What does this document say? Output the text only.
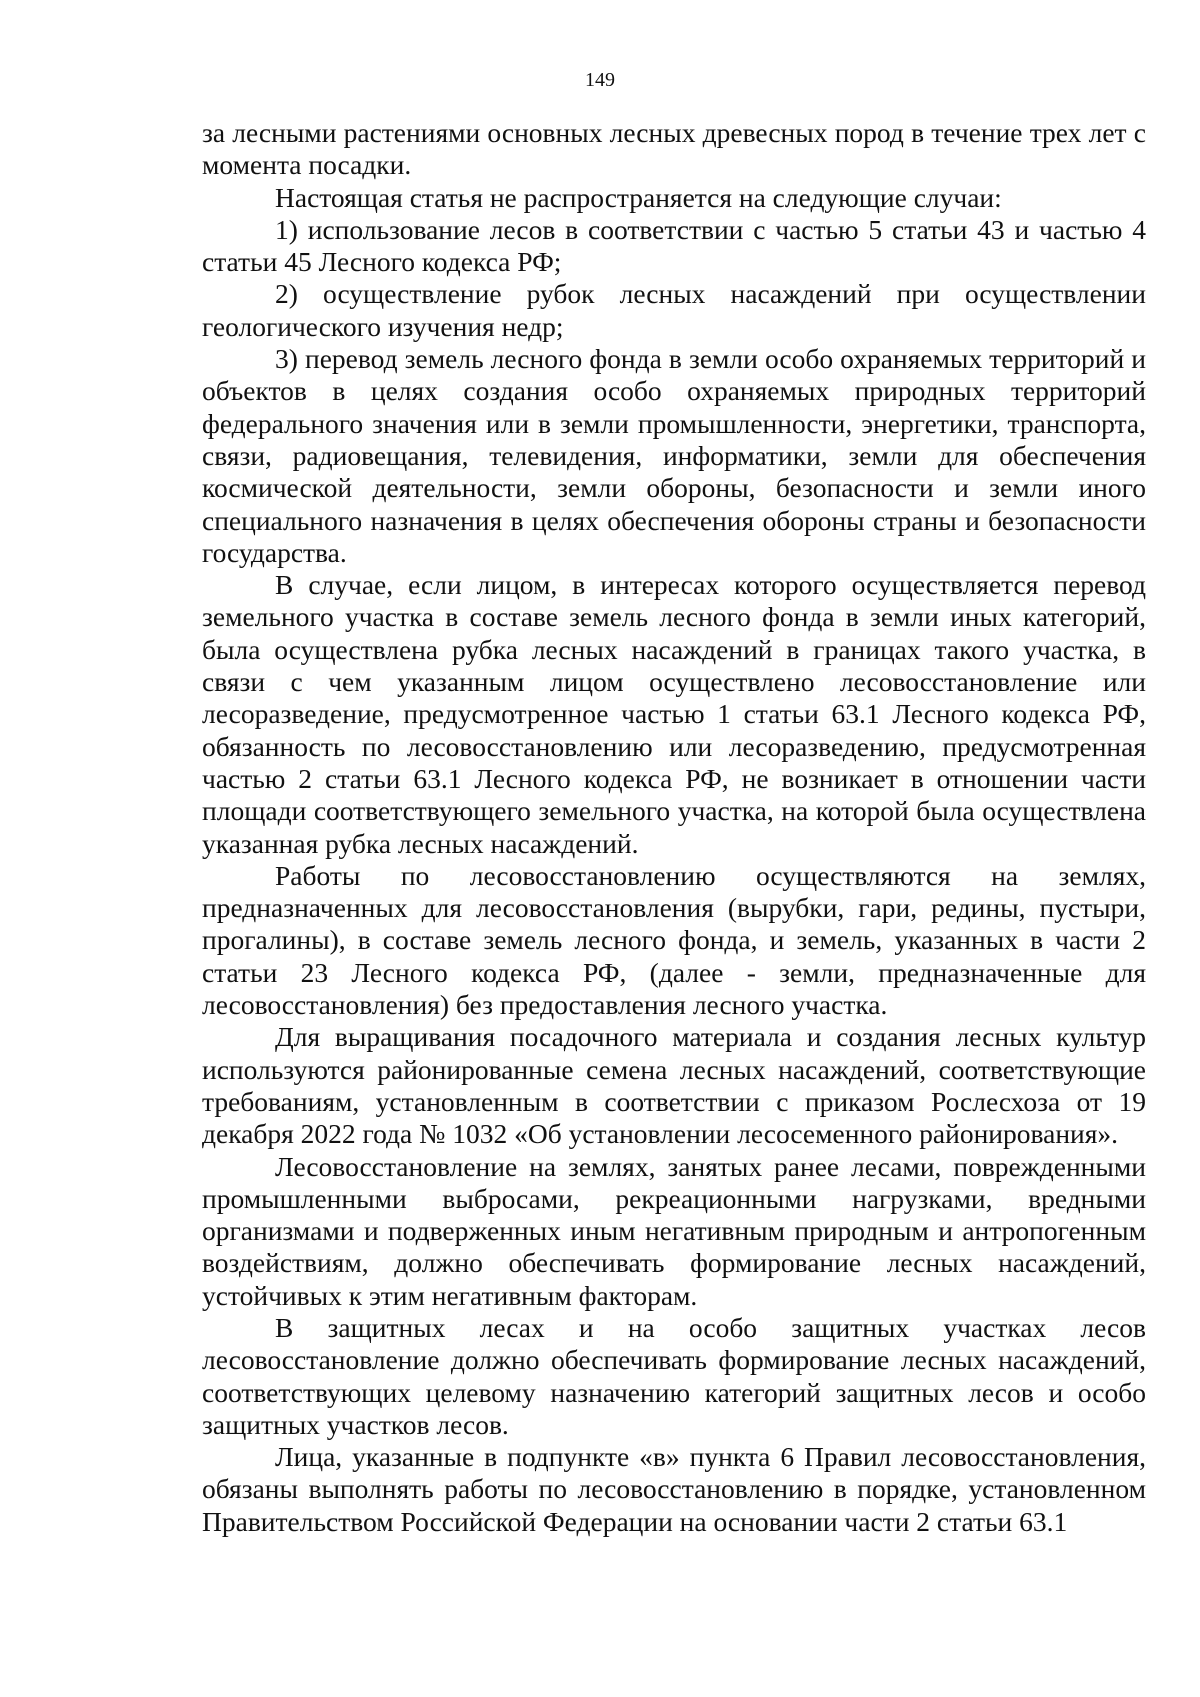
149

за лесными растениями основных лесных древесных пород в течение трех лет с момента посадки.

Настоящая статья не распространяется на следующие случаи:

1) использование лесов в соответствии с частью 5 статьи 43 и частью 4 статьи 45 Лесного кодекса РФ;

2) осуществление рубок лесных насаждений при осуществлении геологического изучения недр;

3) перевод земель лесного фонда в земли особо охраняемых территорий и объектов в целях создания особо охраняемых природных территорий федерального значения или в земли промышленности, энергетики, транспорта, связи, радиовещания, телевидения, информатики, земли для обеспечения космической деятельности, земли обороны, безопасности и земли иного специального назначения в целях обеспечения обороны страны и безопасности государства.

В случае, если лицом, в интересах которого осуществляется перевод земельного участка в составе земель лесного фонда в земли иных категорий, была осуществлена рубка лесных насаждений в границах такого участка, в связи с чем указанным лицом осуществлено лесовосстановление или лесоразведение, предусмотренное частью 1 статьи 63.1 Лесного кодекса РФ, обязанность по лесовосстановлению или лесоразведению, предусмотренная частью 2 статьи 63.1 Лесного кодекса РФ, не возникает в отношении части площади соответствующего земельного участка, на которой была осуществлена указанная рубка лесных насаждений.

Работы по лесовосстановлению осуществляются на землях, предназначенных для лесовосстановления (вырубки, гари, редины, пустыри, прогалины), в составе земель лесного фонда, и земель, указанных в части 2 статьи 23 Лесного кодекса РФ, (далее - земли, предназначенные для лесовосстановления) без предоставления лесного участка.

Для выращивания посадочного материала и создания лесных культур используются районированные семена лесных насаждений, соответствующие требованиям, установленным в соответствии с приказом Рослесхоза от 19 декабря 2022 года № 1032 «Об установлении лесосеменного районирования».

Лесовосстановление на землях, занятых ранее лесами, поврежденными промышленными выбросами, рекреационными нагрузками, вредными организмами и подверженных иным негативным природным и антропогенным воздействиям, должно обеспечивать формирование лесных насаждений, устойчивых к этим негативным факторам.

В защитных лесах и на особо защитных участках лесов лесовосстановление должно обеспечивать формирование лесных насаждений, соответствующих целевому назначению категорий защитных лесов и особо защитных участков лесов.

Лица, указанные в подпункте «в» пункта 6 Правил лесовосстановления, обязаны выполнять работы по лесовосстановлению в порядке, установленном Правительством Российской Федерации на основании части 2 статьи 63.1
